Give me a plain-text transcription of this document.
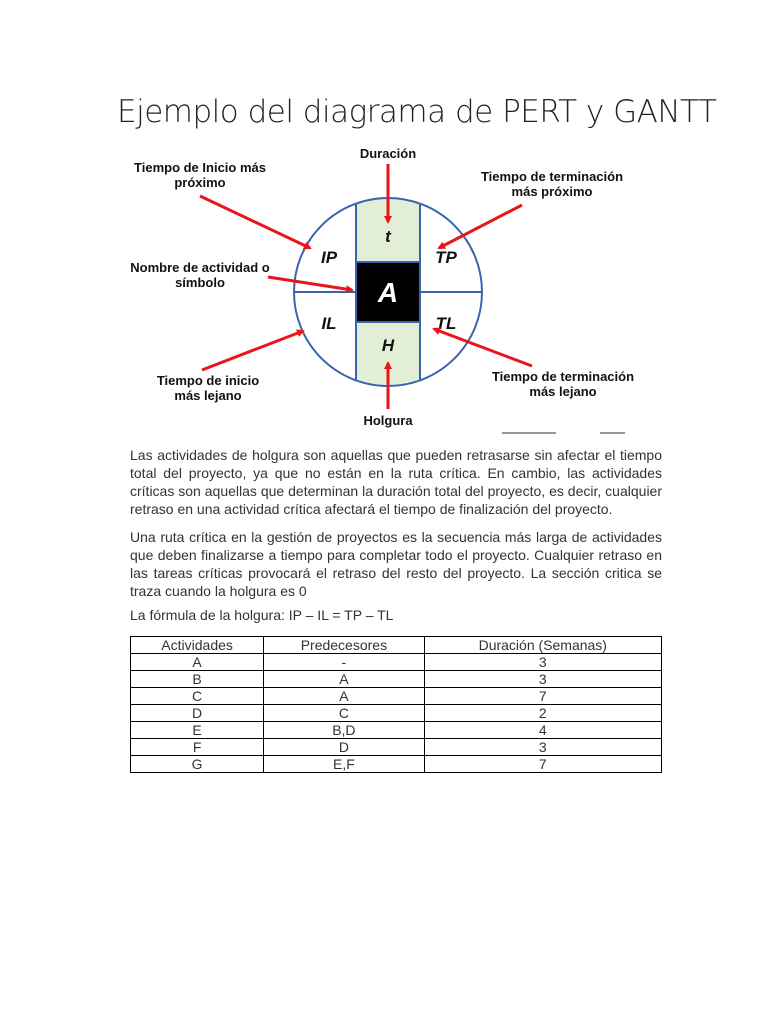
Ejemplo del diagrama de PERT y GANTT
t
IP	TP
IL	TL
H
A
Duración
Tiempo de Inicio más
próximo	Tiempo de terminación
más próximo
Nombre de actividad o
símbolo
Tiempo de inicio
más lejano
Tiempo de terminación
más lejano
Holgura

Las actividades de holgura son aquellas que pueden retrasarse sin afectar el tiempo total del proyecto, ya que no están en la ruta crítica. En cambio, las actividades críticas son aquellas que determinan la duración total del proyecto, es decir, cualquier retraso en una actividad crítica afectará el tiempo de finalización del proyecto.

Una ruta crítica en la gestión de proyectos es la secuencia más larga de actividades que deben finalizarse a tiempo para completar todo el proyecto. Cualquier retraso en las tareas críticas provocará el retraso del resto del proyecto. La sección critica se traza cuando la holgura es 0

La fórmula de la holgura: IP – IL = TP – TL

Actividades	Predecesores	Duración (Semanas)
A	-	3
B	A	3
C	A	7
D	C	2
E	B,D	4
F	D	3
G	E,F	7
